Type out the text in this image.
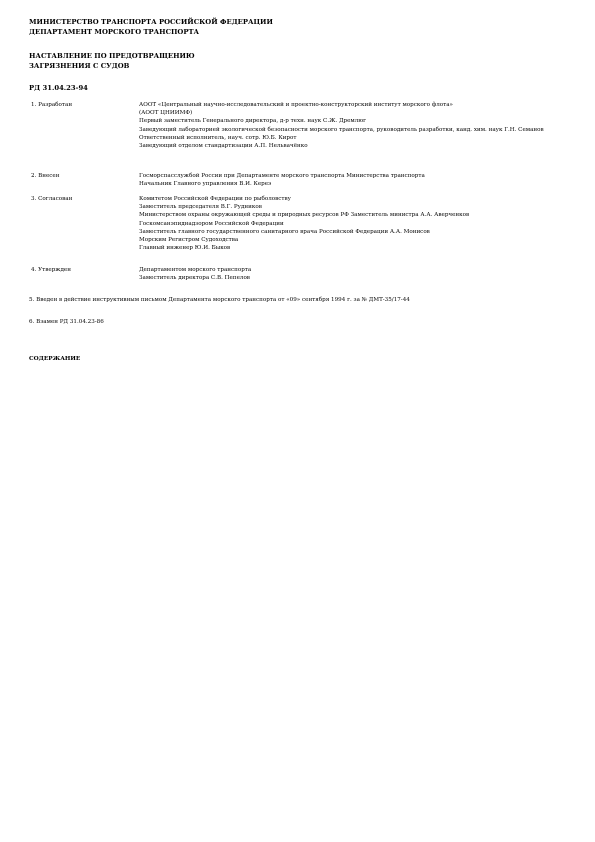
МИНИСТЕРСТВО ТРАНСПОРТА РОССИЙСКОЙ ФЕДЕРАЦИИ
ДЕПАРТАМЕНТ МОРСКОГО ТРАНСПОРТА
НАСТАВЛЕНИЕ ПО ПРЕДОТВРАЩЕНИЮ
ЗАГРЯЗНЕНИЯ С СУДОВ
РД 31.04.23-94
1. Разработан	АООТ «Центральный научно-исследовательский и проектно-конструкторский институт морского флота»
(АООТ ЦНИИМФ)
Первый заместитель Генерального директора, д-р техн. наук С.Ж. Дремлюг
Заведующий лабораторией экологической безопасности морского транспорта, руководитель разработки, канд. хим. наук Г.Н. Семанов
Ответственный исполнитель, науч. сотр. Ю.Б. Кирот
Заведующий отделом стандартизации А.П. Нельвачёнко
2. Внесен	Госморспасслужбой России при Департаменте морского транспорта Министерства транспорта
Начальник Главного управления В.И. Кереэ
3. Согласован	Комитетом Российской Федерации по рыболовству
Заместитель председателя В.Г. Рудников
Министерством охраны окружающей среды и природных ресурсов РФ Заместитель министра А.А. Аверченков
Госкомсанэпиднадзором Российской Федерации
Заместитель главного государственного санитарного врача Российской Федерации А.А. Монисов
Морским Регистром Судоходства
Главный инженер Ю.И. Быков
4. Утвержден	Департаментом морского транспорта
Заместитель директора С.В. Пепелов
5. Введен в действие инструктивным письмом Департамента морского транспорта от «09» сентября 1994 г. за № ДМТ-35/17-44
6. Взамен РД 31.04.23-86
СОДЕРЖАНИЕ
